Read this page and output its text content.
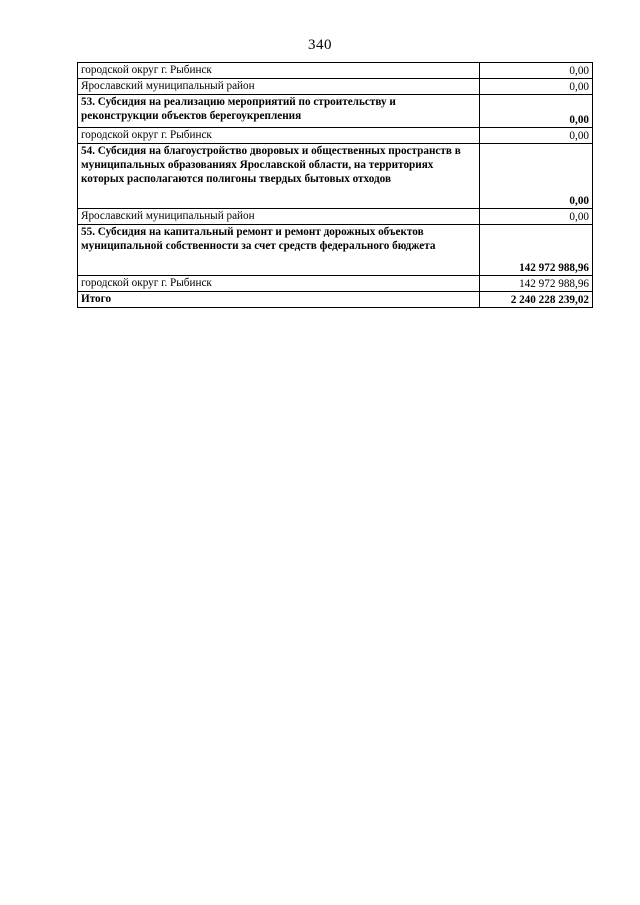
340
городской округ г. Рыбинск	0,00
Ярославский муниципальный район	0,00
53. Субсидия на реализацию мероприятий по строительству и реконструкции объектов берегоукрепления	0,00
городской округ г. Рыбинск	0,00
54. Субсидия на благоустройство дворовых и общественных пространств в муниципальных образованиях Ярославской области, на территориях которых располагаются полигоны твердых бытовых отходов	0,00
Ярославский муниципальный район	0,00
55. Субсидия на капитальный ремонт и ремонт дорожных объектов муниципальной собственности за счет средств федерального бюджета	142 972 988,96
городской округ г. Рыбинск	142 972 988,96
Итого	2 240 228 239,02
